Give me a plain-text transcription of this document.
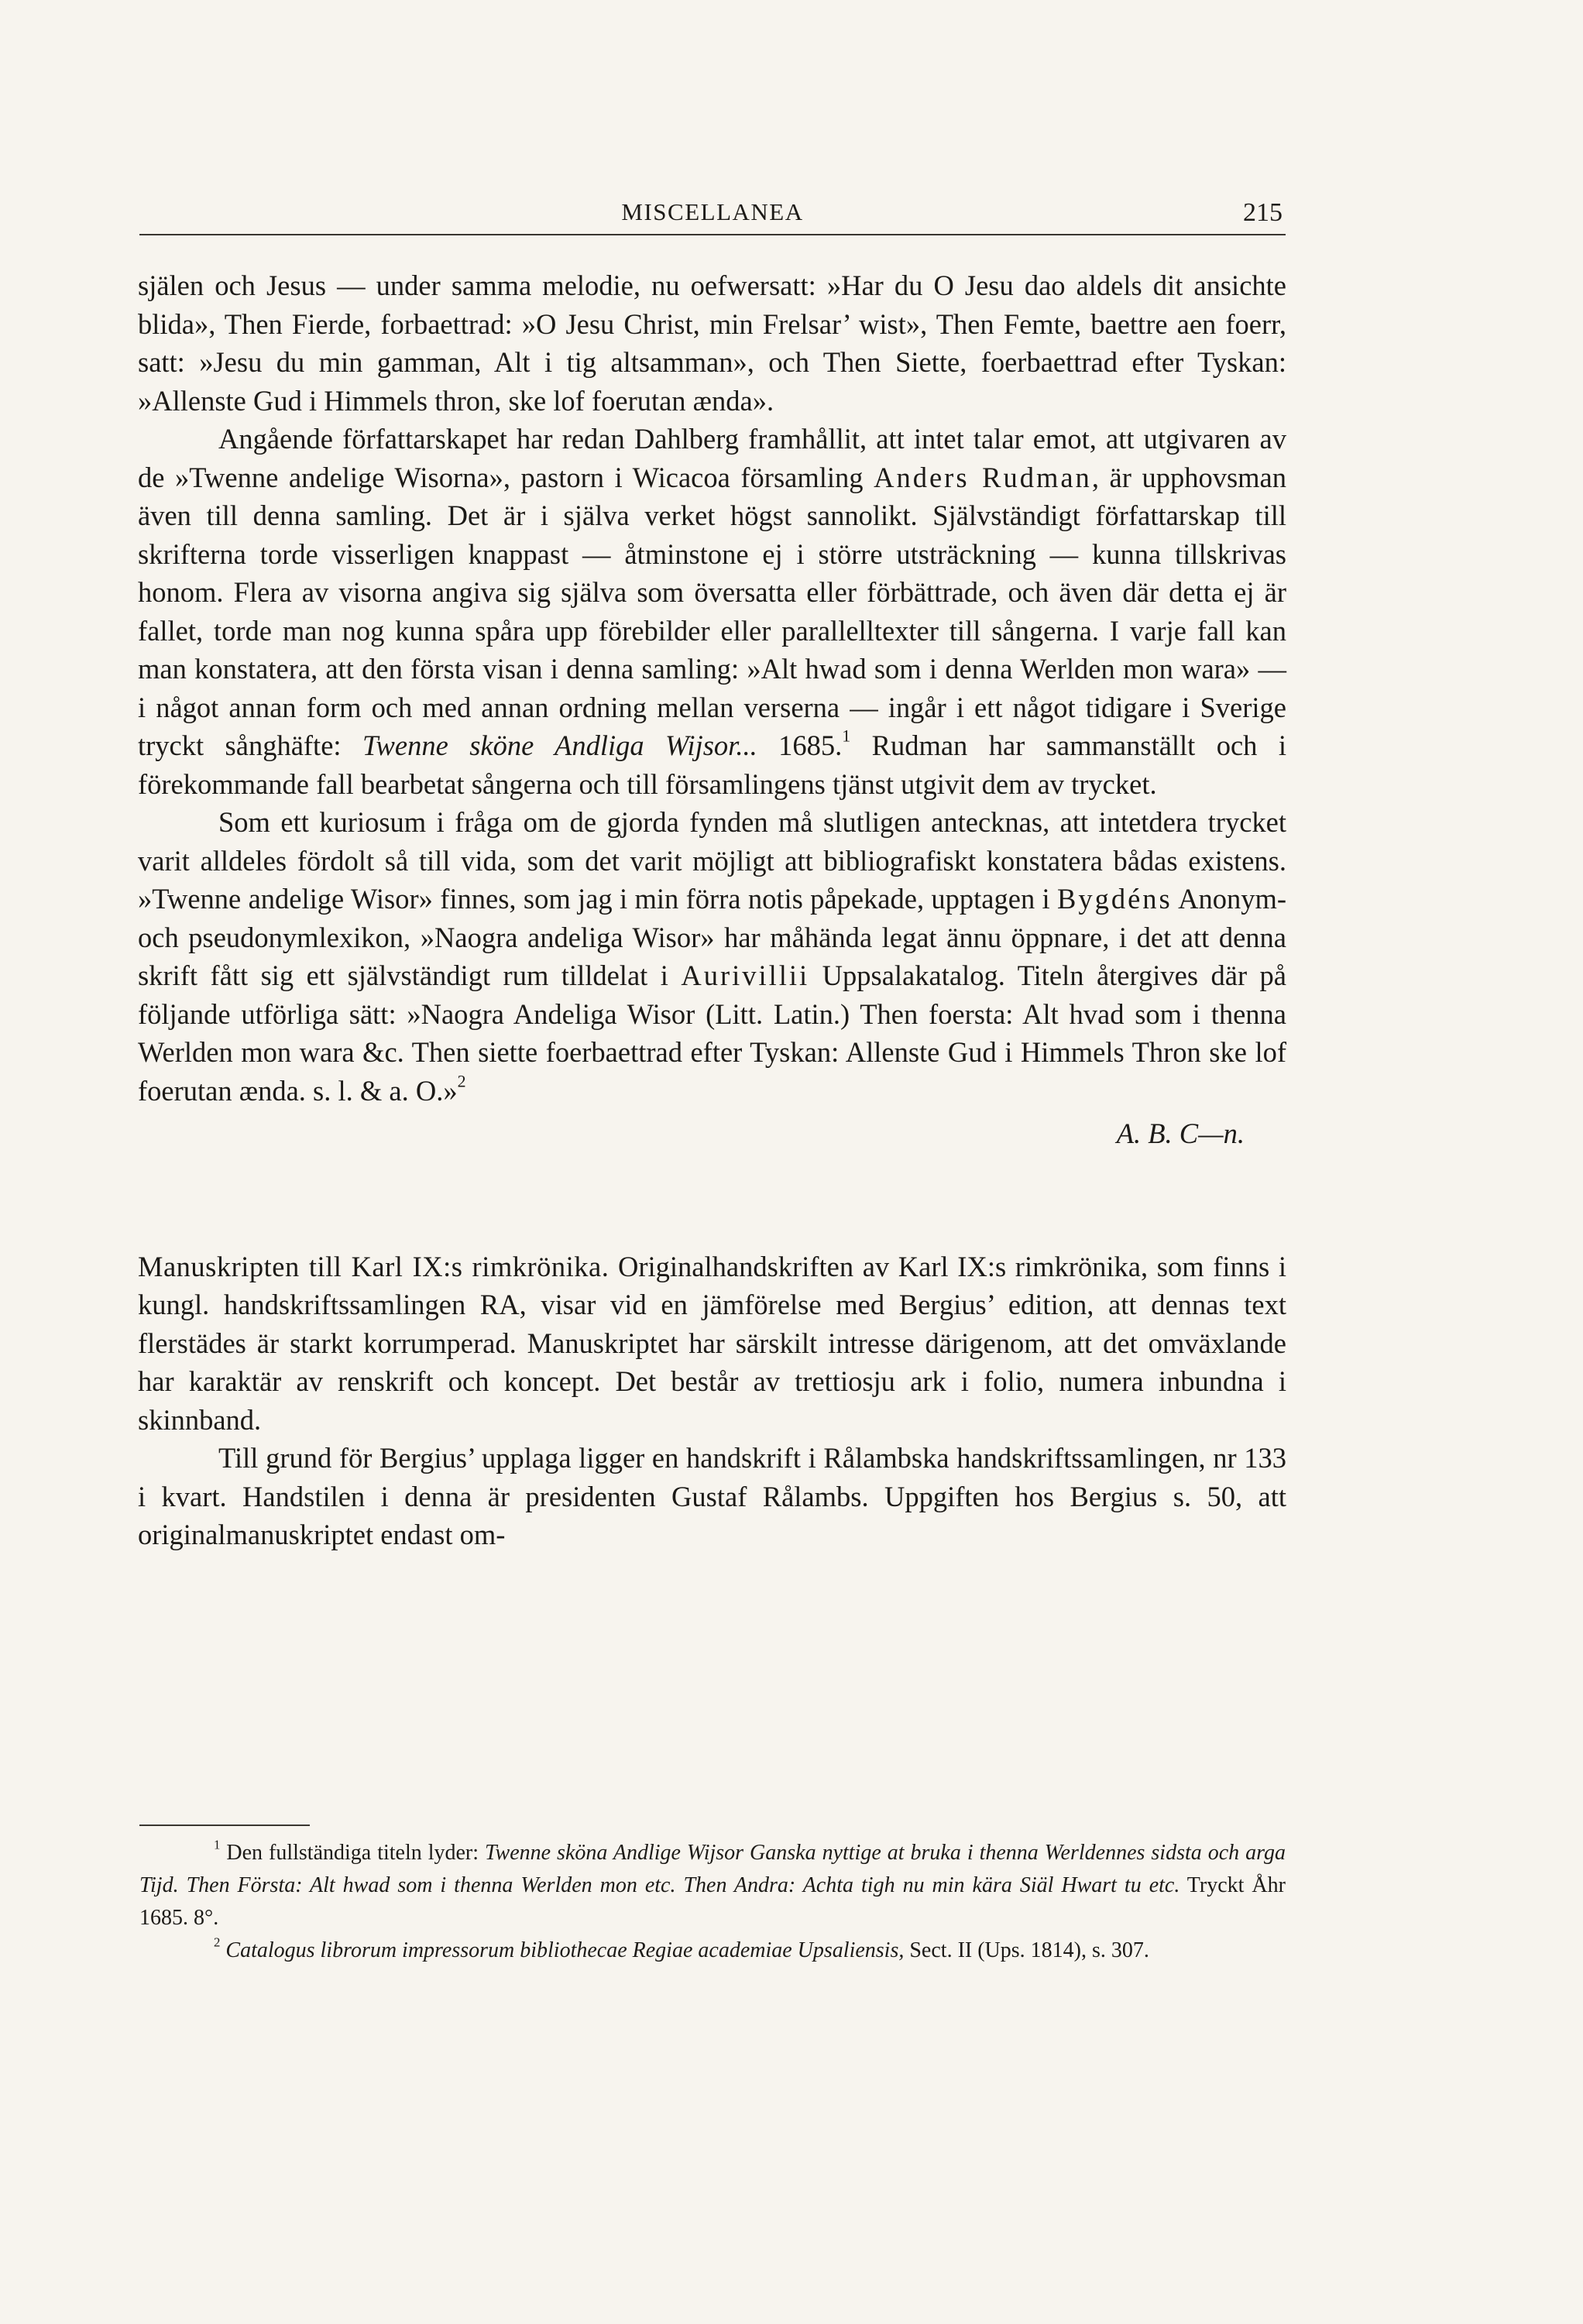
MISCELLANEA	215

själen och Jesus — under samma melodie, nu oefwersatt: »Har du O Jesu dao aldels dit ansichte blida», Then Fierde, forbaettrad: »O Jesu Christ, min Frelsar’ wist», Then Femte, baettre aen foerr, satt: »Jesu du min gamman, Alt i tig altsamman», och Then Siette, foerbaettrad efter Tyskan: »Allenste Gud i Himmels thron, ske lof foerutan ænda».

Angående författarskapet har redan Dahlberg framhållit, att intet talar emot, att utgivaren av de »Twenne andelige Wisorna», pastorn i Wicacoa församling Anders Rudman, är upphovsman även till denna samling. Det är i själva verket högst sannolikt. Självständigt författarskap till skrifterna torde visserligen knappast — åtminstone ej i större utsträckning — kunna tillskrivas honom. Flera av visorna angiva sig själva som översatta eller förbättrade, och även där detta ej är fallet, torde man nog kunna spåra upp förebilder eller parallelltexter till sångerna. I varje fall kan man konstatera, att den första visan i denna samling: »Alt hwad som i denna Werlden mon wara» — i något annan form och med annan ordning mellan verserna — ingår i ett något tidigare i Sverige tryckt sånghäfte: Twenne sköne Andliga Wijsor... 1685.$^1$ Rudman har sammanställt och i förekommande fall bearbetat sångerna och till församlingens tjänst utgivit dem av trycket.

Som ett kuriosum i fråga om de gjorda fynden må slutligen antecknas, att intetdera trycket varit alldeles fördolt så till vida, som det varit möjligt att bibliografiskt konstatera bådas existens. »Twenne andelige Wisor» finnes, som jag i min förra notis påpekade, upptagen i Bygdéns Anonym- och pseudonymlexikon, »Naogra andeliga Wisor» har måhända legat ännu öppnare, i det att denna skrift fått sig ett självständigt rum tilldelat i Aurivillii Uppsalakatalog. Titeln återgives där på följande utförliga sätt: »Naogra Andeliga Wisor (Litt. Latin.) Then foersta: Alt hvad som i thenna Werlden mon wara &c. Then siette foerbaettrad efter Tyskan: Allenste Gud i Himmels Thron ske lof foerutan ænda. s. l. & a. O.»$^2$

A. B. C—n.

Manuskripten till Karl IX:s rimkrönika. Originalhandskriften av Karl IX:s rimkrönika, som finns i kungl. handskriftssamlingen RA, visar vid en jämförelse med Bergius’ edition, att dennas text flerstädes är starkt korrumperad. Manuskriptet har särskilt intresse därigenom, att det omväxlande har karaktär av renskrift och koncept. Det består av trettiosju ark i folio, numera inbundna i skinnband.

Till grund för Bergius’ upplaga ligger en handskrift i Rålambska handskriftssamlingen, nr 133 i kvart. Handstilen i denna är presidenten Gustaf Rålambs. Uppgiften hos Bergius s. 50, att originalmanuskriptet endast om-

$^1$ Den fullständiga titeln lyder: Twenne sköna Andlige Wijsor Ganska nyttige at bruka i thenna Werldennes sidsta och arga Tijd. Then Första: Alt hwad som i thenna Werlden mon etc. Then Andra: Achta tigh nu min kära Siäl Hwart tu etc. Tryckt Åhr 1685. 8°.

$^2$ Catalogus librorum impressorum bibliothecae Regiae academiae Upsaliensis, Sect. II (Ups. 1814), s. 307.
